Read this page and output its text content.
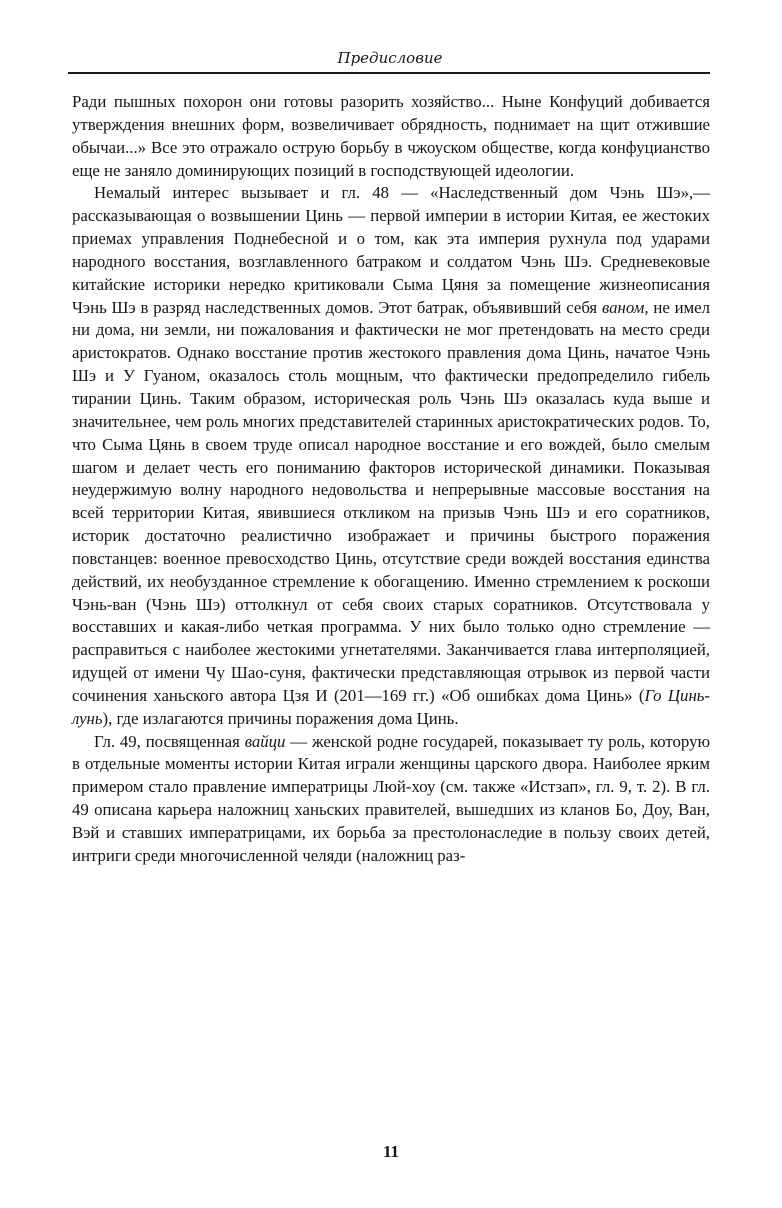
Предисловие

Ради пышных похорон они готовы разорить хозяйство... Ныне Конфуций добивается утверждения внешних форм, возвеличивает обрядность, поднимает на щит отжившие обычаи...» Все это отражало острую борьбу в чжоуском обществе, когда конфуцианство еще не заняло доминирующих позиций в господствующей идеологии.

Немалый интерес вызывает и гл. 48 — «Наследственный дом Чэнь Шэ»,— рассказывающая о возвышении Цинь — первой империи в истории Китая, ее жестоких приемах управления Поднебесной и о том, как эта империя рухнула под ударами народного восстания, возглавленного батраком и солдатом Чэнь Шэ. Средневековые китайские историки нередко критиковали Сыма Цяня за помещение жизнеописания Чэнь Шэ в разряд наследственных домов. Этот батрак, объявивший себя ваном, не имел ни дома, ни земли, ни пожалования и фактически не мог претендовать на место среди аристократов. Однако восстание против жестокого правления дома Цинь, начатое Чэнь Шэ и У Гуаном, оказалось столь мощным, что фактически предопределило гибель тирании Цинь. Таким образом, историческая роль Чэнь Шэ оказалась куда выше и значительнее, чем роль многих представителей старинных аристократических родов. То, что Сыма Цянь в своем труде описал народное восстание и его вождей, было смелым шагом и делает честь его пониманию факторов исторической динамики. Показывая неудержимую волну народного недовольства и непрерывные массовые восстания на всей территории Китая, явившиеся откликом на призыв Чэнь Шэ и его соратников, историк достаточно реалистично изображает и причины быстрого поражения повстанцев: военное превосходство Цинь, отсутствие среди вождей восстания единства действий, их необузданное стремление к обогащению. Именно стремлением к роскоши Чэнь-ван (Чэнь Шэ) оттолкнул от себя своих старых соратников. Отсутствовала у восставших и какая-либо четкая программа. У них было только одно стремление — расправиться с наиболее жестокими угнетателями. Заканчивается глава интерполяцией, идущей от имени Чу Шао-суня, фактически представляющая отрывок из первой части сочинения ханьского автора Цзя И (201—169 гг.) «Об ошибках дома Цинь» (Го Цинь-лунь), где излагаются причины поражения дома Цинь.

Гл. 49, посвященная вайци — женской родне государей, показывает ту роль, которую в отдельные моменты истории Китая играли женщины царского двора. Наиболее ярким примером стало правление императрицы Люй-хоу (см. также «Истзап», гл. 9, т. 2). В гл. 49 описана карьера наложниц ханьских правителей, вышедших из кланов Бо, Доу, Ван, Вэй и ставших императрицами, их борьба за престолонаследие в пользу своих детей, интриги среди многочисленной челяди (наложниц раз-

11
